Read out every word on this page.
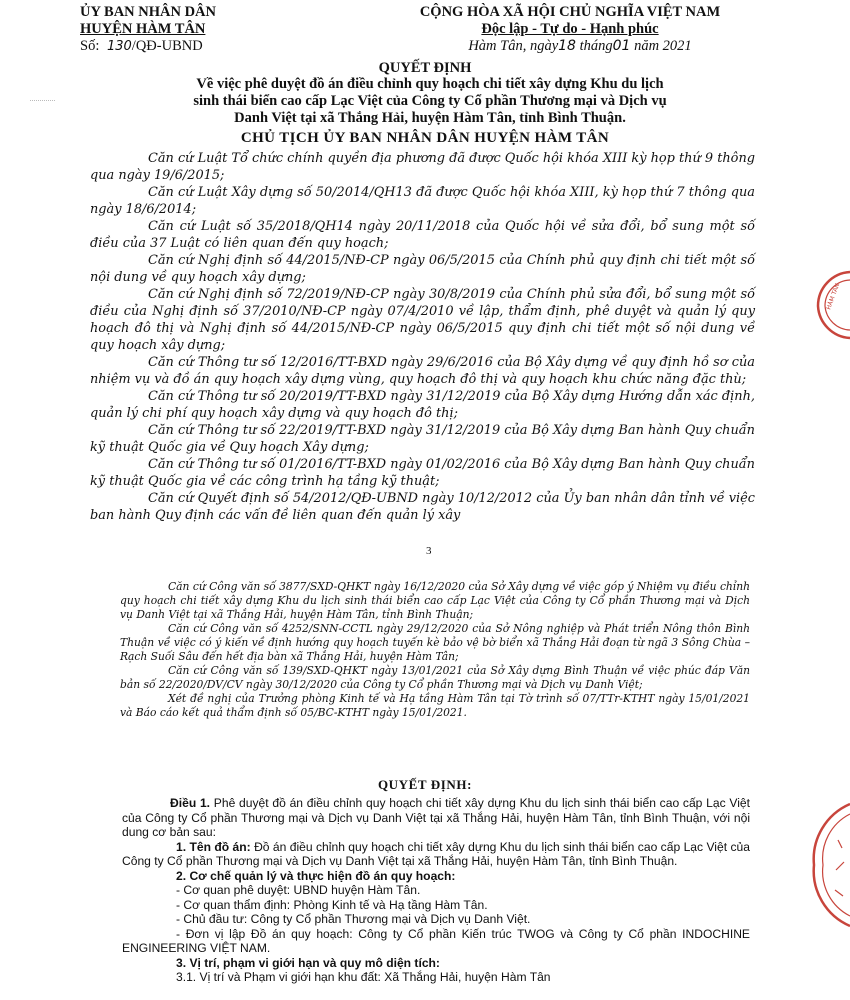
ỦY BAN NHÂN DÂN
HUYỆN HÀM TÂN
Số: 130/QĐ-UBND
CỘNG HÒA XÃ HỘI CHỦ NGHĨA VIỆT NAM
Độc lập - Tự do - Hạnh phúc
Hàm Tân, ngày18 tháng01 năm 2021
QUYẾT ĐỊNH
Về việc phê duyệt đồ án điều chỉnh quy hoạch chi tiết xây dựng Khu du lịch
sinh thái biển cao cấp Lạc Việt của Công ty Cổ phần Thương mại và Dịch vụ
Danh Việt tại xã Thắng Hải, huyện Hàm Tân, tỉnh Bình Thuận.
CHỦ TỊCH ỦY BAN NHÂN DÂN HUYỆN HÀM TÂN

Căn cứ Luật Tổ chức chính quyền địa phương đã được Quốc hội khóa XIII kỳ họp thứ 9 thông qua ngày 19/6/2015;

Căn cứ Luật Xây dựng số 50/2014/QH13 đã được Quốc hội khóa XIII, kỳ họp thứ 7 thông qua ngày 18/6/2014;

Căn cứ Luật số 35/2018/QH14 ngày 20/11/2018 của Quốc hội về sửa đổi, bổ sung một số điều của 37 Luật có liên quan đến quy hoạch;

Căn cứ Nghị định số 44/2015/NĐ-CP ngày 06/5/2015 của Chính phủ quy định chi tiết một số nội dung về quy hoạch xây dựng;

Căn cứ Nghị định số 72/2019/NĐ-CP ngày 30/8/2019 của Chính phủ sửa đổi, bổ sung một số điều của Nghị định số 37/2010/NĐ-CP ngày 07/4/2010 về lập, thẩm định, phê duyệt và quản lý quy hoạch đô thị và Nghị định số 44/2015/NĐ-CP ngày 06/5/2015 quy định chi tiết một số nội dung về quy hoạch xây dựng;

Căn cứ Thông tư số 12/2016/TT-BXD ngày 29/6/2016 của Bộ Xây dựng về quy định hồ sơ của nhiệm vụ và đồ án quy hoạch xây dựng vùng, quy hoạch đô thị và quy hoạch khu chức năng đặc thù;

Căn cứ Thông tư số 20/2019/TT-BXD ngày 31/12/2019 của Bộ Xây dựng Hướng dẫn xác định, quản lý chi phí quy hoạch xây dựng và quy hoạch đô thị;

Căn cứ Thông tư số 22/2019/TT-BXD ngày 31/12/2019 của Bộ Xây dựng Ban hành Quy chuẩn kỹ thuật Quốc gia về Quy hoạch Xây dựng;

Căn cứ Thông tư số 01/2016/TT-BXD ngày 01/02/2016 của Bộ Xây dựng Ban hành Quy chuẩn kỹ thuật Quốc gia về các công trình hạ tầng kỹ thuật;

Căn cứ Quyết định số 54/2012/QĐ-UBND ngày 10/12/2012 của Ủy ban nhân dân tỉnh về việc ban hành Quy định các vấn đề liên quan đến quản lý xây

3

Căn cứ Công văn số 3877/SXD-QHKT ngày 16/12/2020 của Sở Xây dựng về việc góp ý Nhiệm vụ điều chỉnh quy hoạch chi tiết xây dựng Khu du lịch sinh thái biển cao cấp Lạc Việt của Công ty Cổ phần Thương mại và Dịch vụ Danh Việt tại xã Thắng Hải, huyện Hàm Tân, tỉnh Bình Thuận;

Căn cứ Công văn số 4252/SNN-CCTL ngày 29/12/2020 của Sở Nông nghiệp và Phát triển Nông thôn Bình Thuận về việc có ý kiến về định hướng quy hoạch tuyến kè bảo vệ bờ biển xã Thắng Hải đoạn từ ngã 3 Sông Chùa – Rạch Suối Sâu đến hết địa bàn xã Thắng Hải, huyện Hàm Tân;

Căn cứ Công văn số 139/SXD-QHKT ngày 13/01/2021 của Sở Xây dựng Bình Thuận về việc phúc đáp Văn bản số 22/2020/DV/CV ngày 30/12/2020 của Công ty Cổ phần Thương mại và Dịch vụ Danh Việt;

Xét đề nghị của Trưởng phòng Kinh tế và Hạ tầng Hàm Tân tại Tờ trình số 07/TTr-KTHT ngày 15/01/2021 và Báo cáo kết quả thẩm định số 05/BC-KTHT ngày 15/01/2021.

QUYẾT ĐỊNH:

Điều 1. Phê duyệt đồ án điều chỉnh quy hoạch chi tiết xây dựng Khu du lịch sinh thái biển cao cấp Lạc Việt của Công ty Cổ phần Thương mại và Dịch vụ Danh Việt tại xã Thắng Hải, huyện Hàm Tân, tỉnh Bình Thuận, với nội dung cơ bản sau:

1. Tên đồ án: Đồ án điều chỉnh quy hoạch chi tiết xây dựng Khu du lịch sinh thái biển cao cấp Lạc Việt của Công ty Cổ phần Thương mại và Dịch vụ Danh Việt tại xã Thắng Hải, huyện Hàm Tân, tỉnh Bình Thuận.

2. Cơ chế quản lý và thực hiện đồ án quy hoạch:

- Cơ quan phê duyệt: UBND huyện Hàm Tân.

- Cơ quan thẩm định: Phòng Kinh tế và Hạ tầng Hàm Tân.

- Chủ đầu tư: Công ty Cổ phần Thương mại và Dịch vụ Danh Việt.

- Đơn vị lập Đồ án quy hoạch: Công ty Cổ phần Kiến trúc TWOG và Công ty Cổ phần INDOCHINE ENGINEERING VIỆT NAM.

3. Vị trí, phạm vi giới hạn và quy mô diện tích:

3.1. Vị trí và Phạm vi giới hạn khu đất: Xã Thắng Hải, huyện Hàm Tân

HÀM TÂN
